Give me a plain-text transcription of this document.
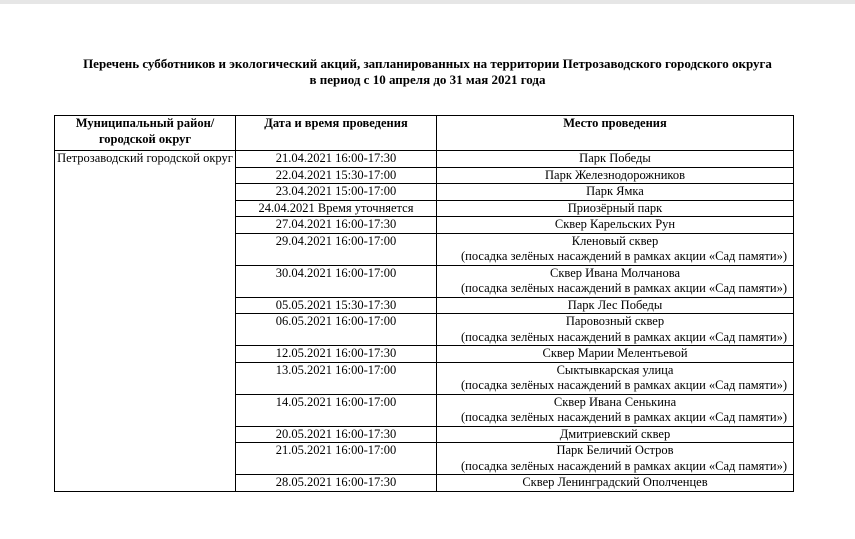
Перечень субботников и экологический акций, запланированных на территории Петрозаводского городского округа
в период с 10 апреля до 31 мая 2021 года
Муниципальный район/городской округ	Дата и время проведения	Место проведения
Петрозаводский городской округ	21.04.2021 16:00-17:30	Парк Победы

	22.04.2021 15:30-17:00	Парк Железнодорожников

	23.04.2021 15:00-17:00	Парк Ямка

	24.04.2021 Время уточняется	Приозёрный парк

	27.04.2021 16:00-17:30	Сквер Карельских Рун

	29.04.2021 16:00-17:00	Кленовый сквер
(посадка зелёных насаждений в рамках акции «Сад памяти»)

	30.04.2021 16:00-17:00	Сквер Ивана Молчанова
(посадка зелёных насаждений в рамках акции «Сад памяти»)

	05.05.2021 15:30-17:30	Парк Лес Победы

	06.05.2021 16:00-17:00	Паровозный сквер
(посадка зелёных насаждений в рамках акции «Сад памяти»)

	12.05.2021 16:00-17:30	Сквер Марии Мелентьевой

	13.05.2021 16:00-17:00	Сыктывкарская улица
(посадка зелёных насаждений в рамках акции «Сад памяти»)

	14.05.2021 16:00-17:00	Сквер Ивана Сенькина
(посадка зелёных насаждений в рамках акции «Сад памяти»)

	20.05.2021 16:00-17:30	Дмитриевский сквер

	21.05.2021 16:00-17:00	Парк Беличий Остров
(посадка зелёных насаждений в рамках акции «Сад памяти»)

	28.05.2021 16:00-17:30	Сквер Ленинградский Ополченцев
